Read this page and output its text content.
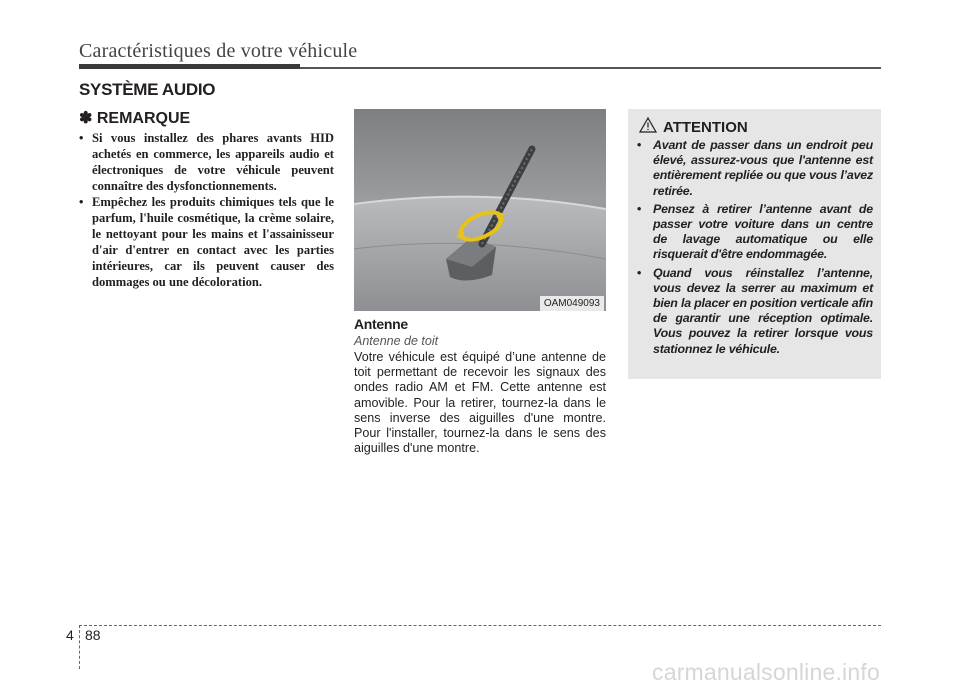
Caractéristiques de votre véhicule
SYSTÈME AUDIO
✽ REMARQUE
• Si vous installez des phares avants HID achetés en commerce, les appareils audio et électroniques de votre véhicule peuvent connaître des dysfonctionnements.
• Empêchez les produits chimiques tels que le parfum, l'huile cosmétique, la crème solaire, le nettoyant pour les mains et l'assainisseur d'air d'entrer en contact avec les parties intérieures, car ils peuvent causer des dommages ou une décoloration.
OAM049093
Antenne
Antenne de toit
Votre véhicule est équipé d’une antenne de toit permettant de recevoir les signaux des ondes radio AM et FM. Cette antenne est amovible. Pour la retirer, tournez-la dans le sens inverse des aiguilles d'une montre. Pour l'installer, tournez-la dans le sens des aiguilles d'une montre.
ATTENTION
• Avant de passer dans un endroit peu élevé, assurez-vous que l'antenne est entièrement repliée ou que vous l’avez retirée.
• Pensez à retirer l’antenne avant de passer votre voiture dans un centre de lavage automatique ou elle risquerait d'être endommagée.
• Quand vous réinstallez l’antenne, vous devez la serrer au maximum et bien la placer en position verticale afin de garantir une réception optimale. Vous pouvez la retirer lorsque vous stationnez le véhicule.
4 88
carmanualsonline.info
